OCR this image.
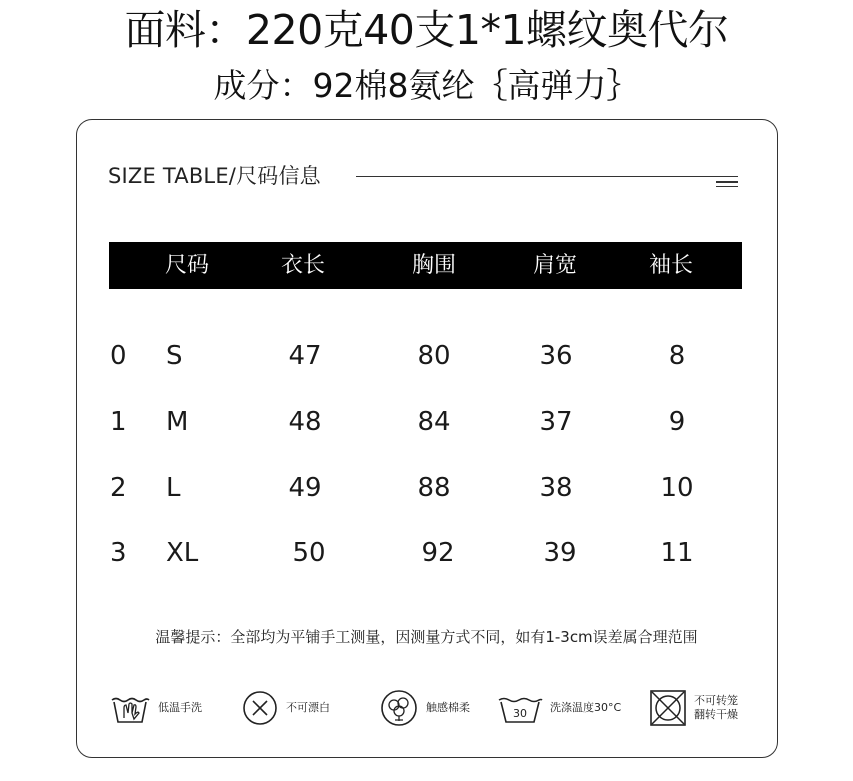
面料：220克40支1*1螺纹奥代尔
成分：92棉8氨纶｛高弹力｝
SIZE TABLE/尺码信息
尺码	衣长	胸围	肩宽	袖长
0 S	47	80	36	8
1 M	48	84	37	9
2 L	49	88	38	10
3 XL	50	92	39	11
温馨提示：全部均为平铺手工测量，因测量方式不同，如有1-3cm误差属合理范围
低温手洗	不可漂白	触感棉柔	30 洗涤温度30°C
不可转笼
翻转干燥
